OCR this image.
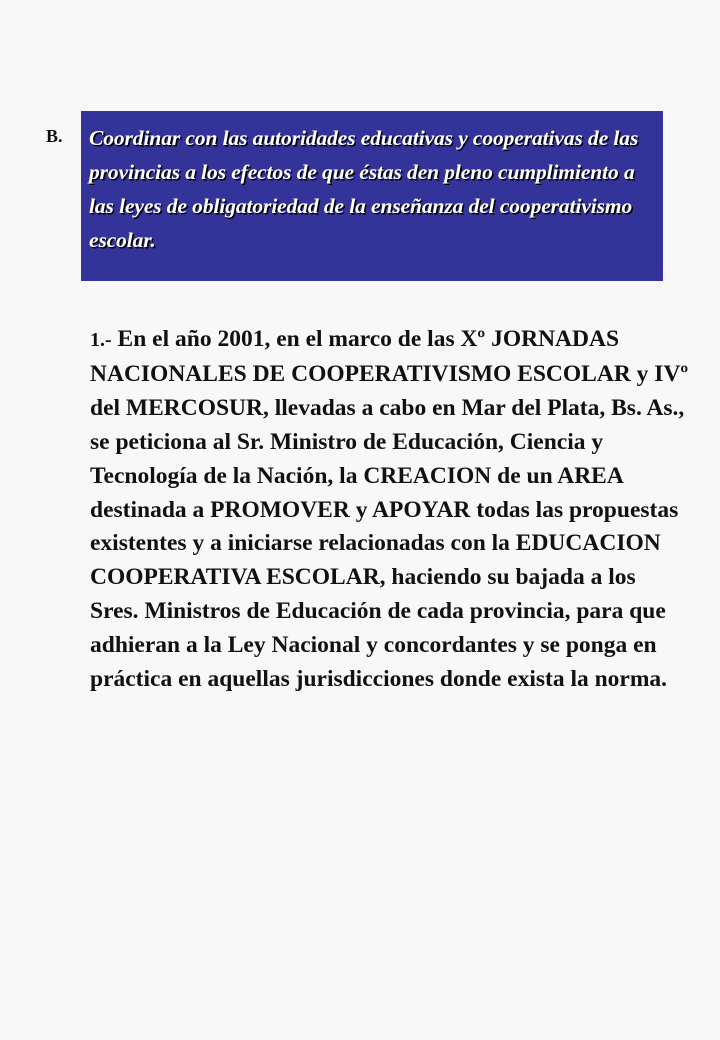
B. Coordinar con las autoridades educativas y cooperativas de las provincias a los efectos de que éstas den pleno cumplimiento a las leyes de obligatoriedad de la enseñanza del cooperativismo escolar.

1.- En el año 2001, en el marco de las Xº JORNADAS NACIONALES DE COOPERATIVISMO ESCOLAR y IVº del MERCOSUR, llevadas a cabo en Mar del Plata, Bs. As., se peticiona al Sr. Ministro de Educación, Ciencia y Tecnología de la Nación, la CREACION de un AREA destinada a PROMOVER y APOYAR todas las propuestas existentes y a iniciarse relacionadas con la EDUCACION COOPERATIVA ESCOLAR, haciendo su bajada a los Sres. Ministros de Educación de cada provincia, para que adhieran a la Ley Nacional y concordantes y se ponga en práctica en aquellas jurisdicciones donde exista la norma.
